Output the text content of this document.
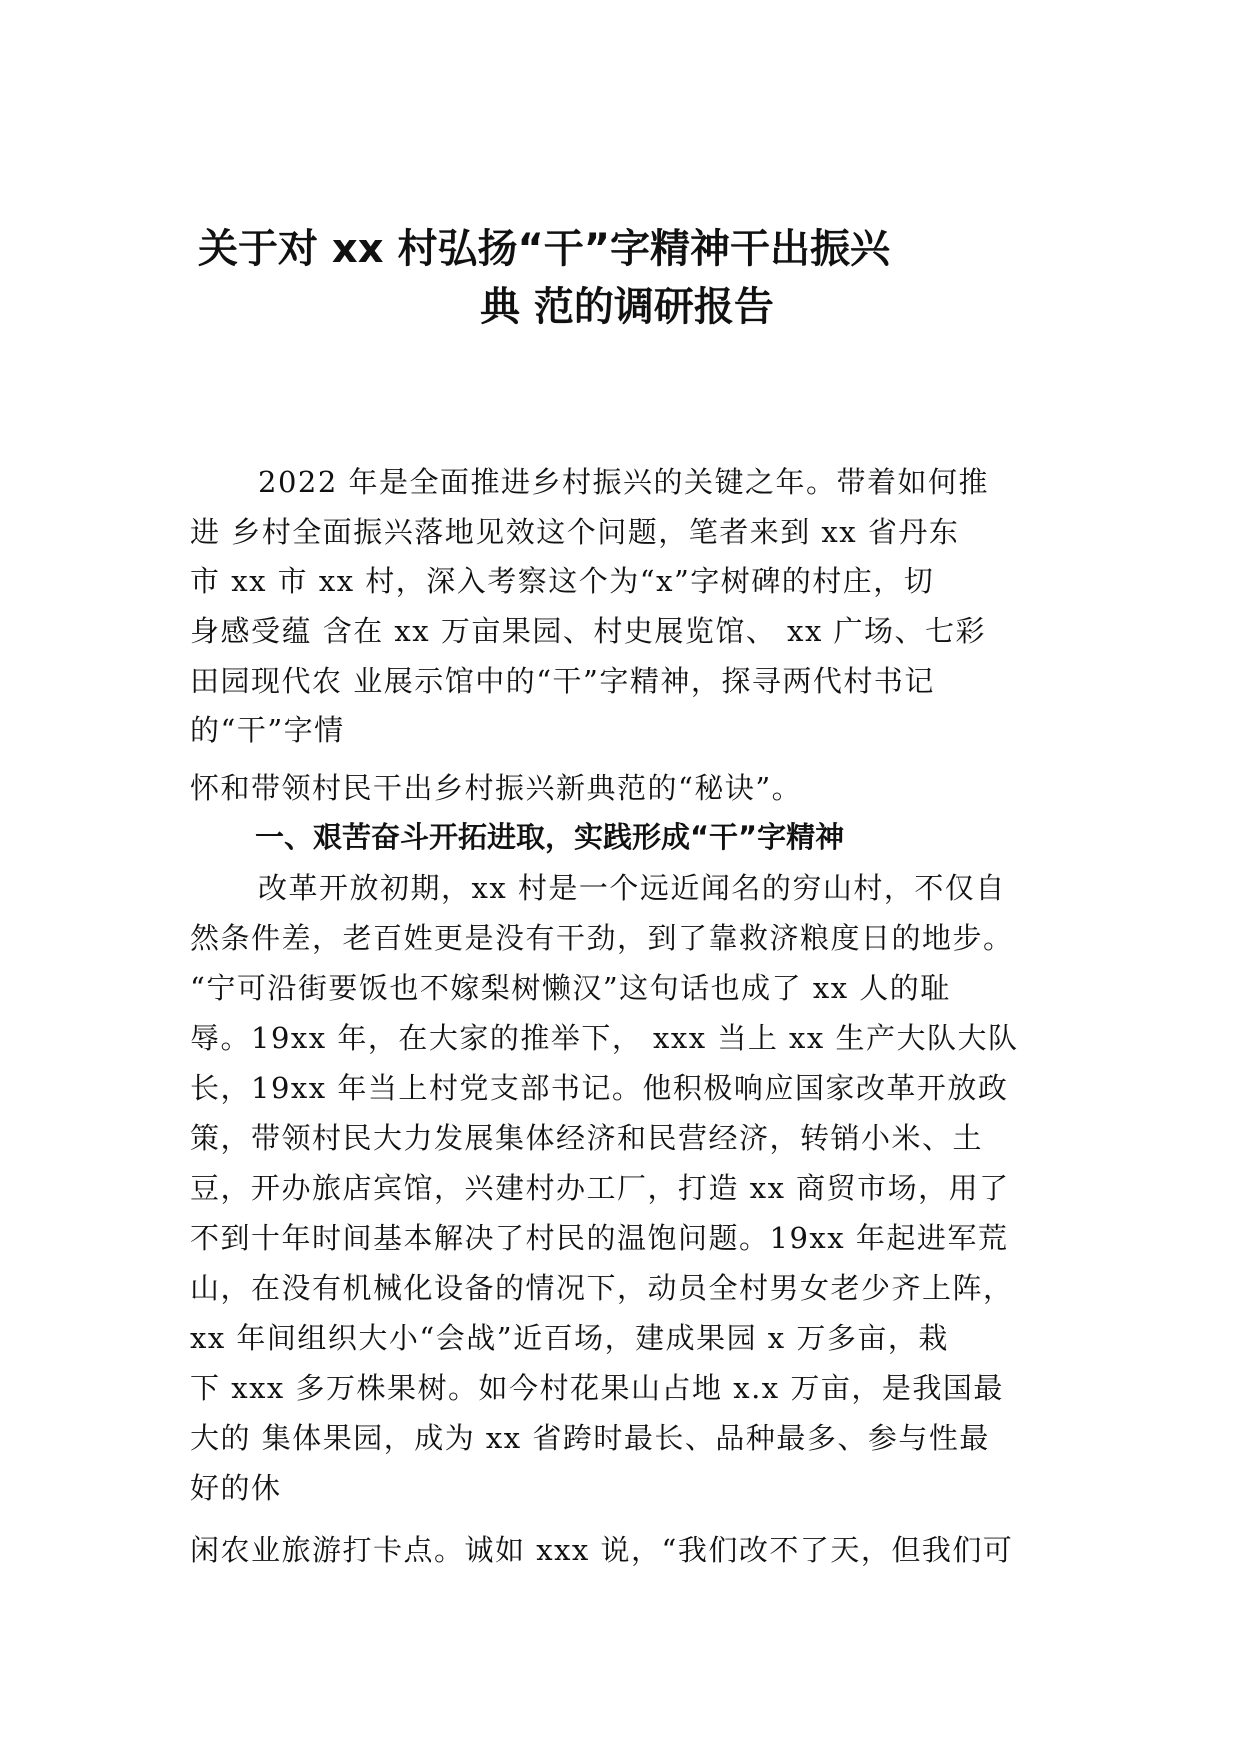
关于对 xx 村弘扬“干”字精神干出振兴
典 范的调研报告

2022 年是全面推进乡村振兴的关键之年。带着如何推

进 乡村全面振兴落地见效这个问题，笔者来到 xx 省丹东

市 xx 市 xx 村，深入考察这个为“x”字树碑的村庄，切

身感受蕴 含在 xx 万亩果园、村史展览馆、 xx 广场、七彩

田园现代农 业展示馆中的“干”字精神，探寻两代村书记

的“干”字情

怀和带领村民干出乡村振兴新典范的“秘诀”。

一、艰苦奋斗开拓进取，实践形成“干”字精神

改革开放初期，xx 村是一个远近闻名的穷山村，不仅自

然条件差，老百姓更是没有干劲，到了靠救济粮度日的地步。

“宁可沿街要饭也不嫁梨树懒汉”这句话也成了 xx 人的耻

辱。19xx 年，在大家的推举下， xxx 当上 xx 生产大队大队

长，19xx 年当上村党支部书记。他积极响应国家改革开放政

策，带领村民大力发展集体经济和民营经济，转销小米、土

豆，开办旅店宾馆，兴建村办工厂，打造 xx 商贸市场，用了

不到十年时间基本解决了村民的温饱问题。19xx 年起进军荒

山，在没有机械化设备的情况下，动员全村男女老少齐上阵，

xx 年间组织大小“会战”近百场，建成果园 x 万多亩，栽

下 xxx 多万株果树。如今村花果山占地 x.x 万亩，是我国最

大的 集体果园，成为 xx 省跨时最长、品种最多、参与性最

好的休

闲农业旅游打卡点。诚如 xxx 说，“我们改不了天，但我们可
